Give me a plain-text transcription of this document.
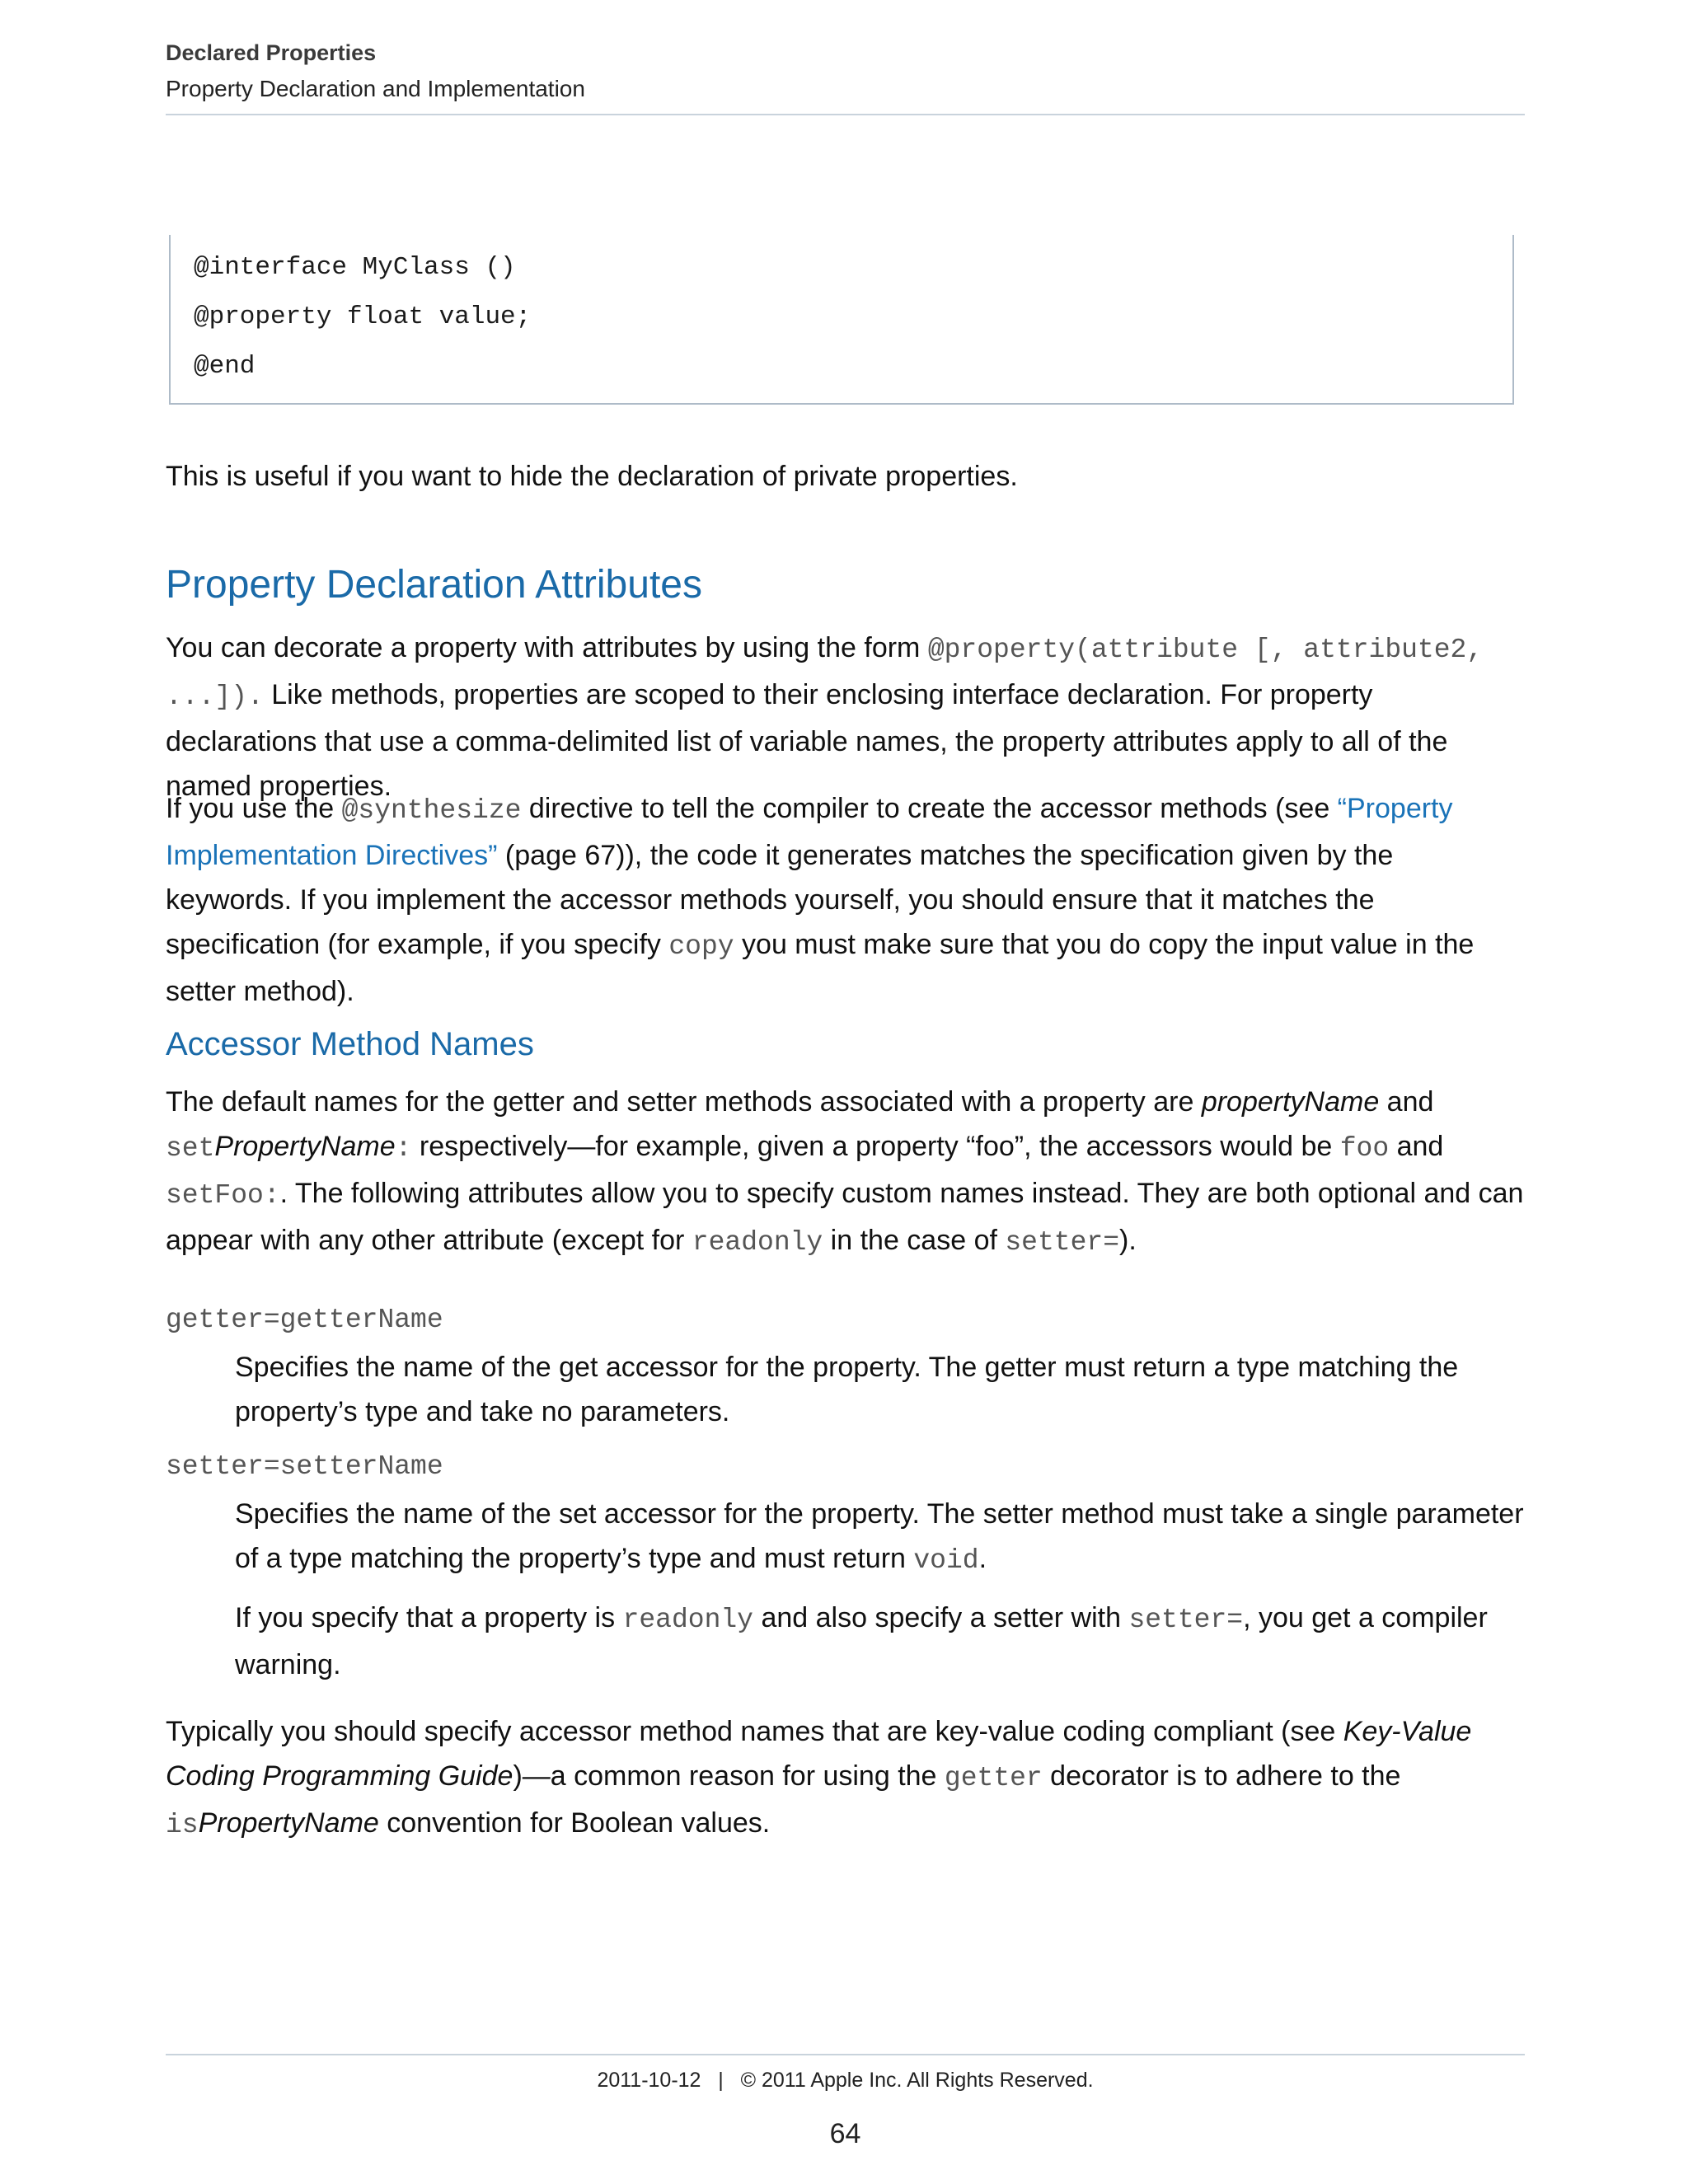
Declared Properties
Property Declaration and Implementation
@interface MyClass ()
@property float value;
@end
This is useful if you want to hide the declaration of private properties.
Property Declaration Attributes
You can decorate a property with attributes by using the form @property(attribute [, attribute2, ...]). Like methods, properties are scoped to their enclosing interface declaration. For property declarations that use a comma-delimited list of variable names, the property attributes apply to all of the named properties.
If you use the @synthesize directive to tell the compiler to create the accessor methods (see “Property Implementation Directives” (page 67)), the code it generates matches the specification given by the keywords. If you implement the accessor methods yourself, you should ensure that it matches the specification (for example, if you specify copy you must make sure that you do copy the input value in the setter method).
Accessor Method Names
The default names for the getter and setter methods associated with a property are propertyName and setPropertyName: respectively—for example, given a property “foo”, the accessors would be foo and setFoo:. The following attributes allow you to specify custom names instead. They are both optional and can appear with any other attribute (except for readonly in the case of setter=).
getter=getterName
Specifies the name of the get accessor for the property. The getter must return a type matching the property’s type and take no parameters.
setter=setterName
Specifies the name of the set accessor for the property. The setter method must take a single parameter of a type matching the property’s type and must return void.
If you specify that a property is readonly and also specify a setter with setter=, you get a compiler warning.
Typically you should specify accessor method names that are key-value coding compliant (see Key-Value Coding Programming Guide)—a common reason for using the getter decorator is to adhere to the isPropertyName convention for Boolean values.
2011-10-12   |   © 2011 Apple Inc. All Rights Reserved.
64
